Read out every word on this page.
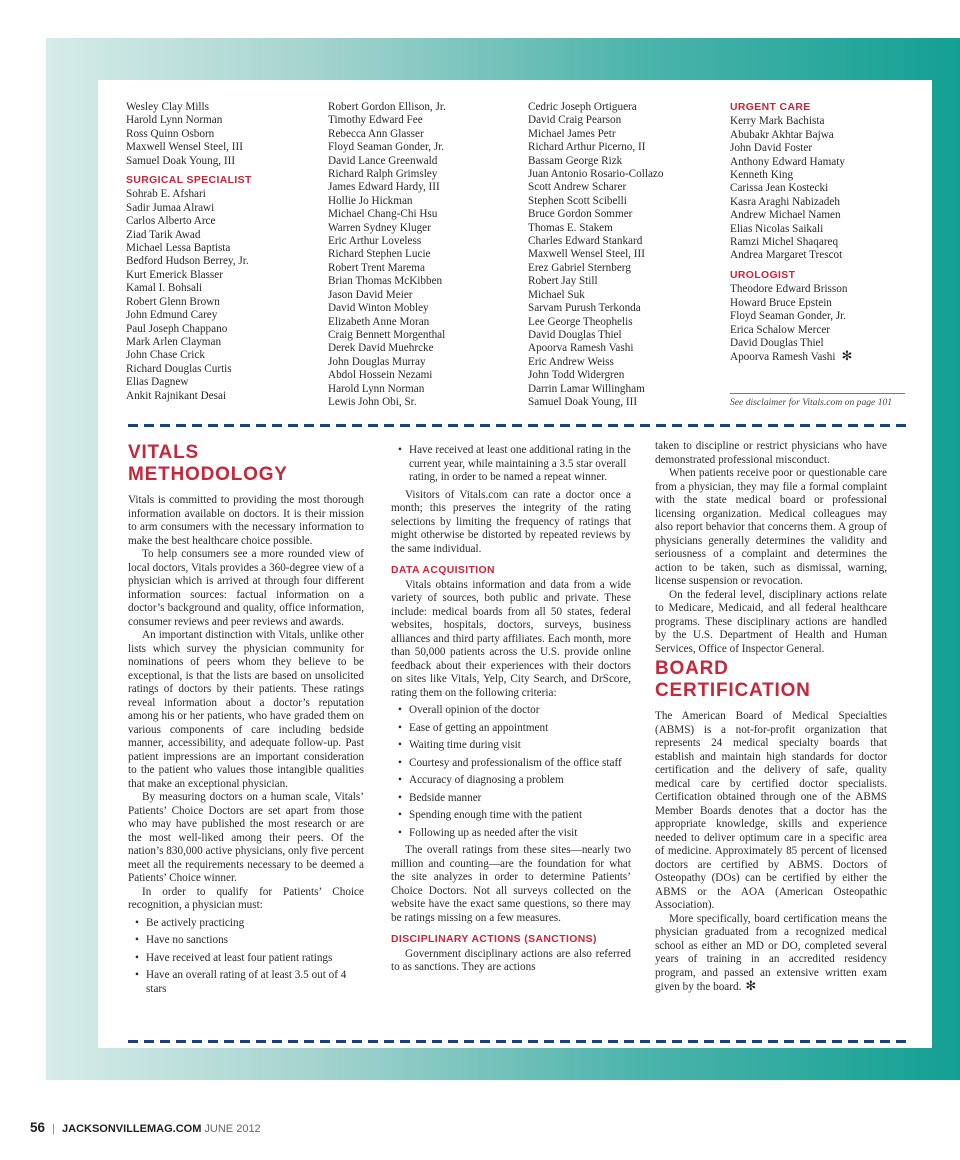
Wesley Clay Mills
Harold Lynn Norman
Ross Quinn Osborn
Maxwell Wensel Steel, III
Samuel Doak Young, III
SURGICAL SPECIALIST
Sohrab E. Afshari
Sadir Jumaa Alrawi
Carlos Alberto Arce
Ziad Tarik Awad
Michael Lessa Baptista
Bedford Hudson Berrey, Jr.
Kurt Emerick Blasser
Kamal I. Bohsali
Robert Glenn Brown
John Edmund Carey
Paul Joseph Chappano
Mark Arlen Clayman
John Chase Crick
Richard Douglas Curtis
Elias Dagnew
Ankit Rajnikant Desai
Robert Gordon Ellison, Jr.
Timothy Edward Fee
Rebecca Ann Glasser
Floyd Seaman Gonder, Jr.
David Lance Greenwald
Richard Ralph Grimsley
James Edward Hardy, III
Hollie Jo Hickman
Michael Chang-Chi Hsu
Warren Sydney Kluger
Eric Arthur Loveless
Richard Stephen Lucie
Robert Trent Marema
Brian Thomas McKibben
Jason David Meier
David Winton Mobley
Elizabeth Anne Moran
Craig Bennett Morgenthal
Derek David Muehrcke
John Douglas Murray
Abdol Hossein Nezami
Harold Lynn Norman
Lewis John Obi, Sr.
Cedric Joseph Ortiguera
David Craig Pearson
Michael James Petr
Richard Arthur Picerno, II
Bassam George Rizk
Juan Antonio Rosario-Collazo
Scott Andrew Scharer
Stephen Scott Scibelli
Bruce Gordon Sommer
Thomas E. Stakem
Charles Edward Stankard
Maxwell Wensel Steel, III
Erez Gabriel Sternberg
Robert Jay Still
Michael Suk
Sarvam Purush Terkonda
Lee George Theophelis
David Douglas Thiel
Apoorva Ramesh Vashi
Eric Andrew Weiss
John Todd Widergren
Darrin Lamar Willingham
Samuel Doak Young, III
URGENT CARE
Kerry Mark Bachista
Abubakr Akhtar Bajwa
John David Foster
Anthony Edward Hamaty
Kenneth King
Carissa Jean Kostecki
Kasra Araghi Nabizadeh
Andrew Michael Namen
Elias Nicolas Saikali
Ramzi Michel Shaqareq
Andrea Margaret Trescot
UROLOGIST
Theodore Edward Brisson
Howard Bruce Epstein
Floyd Seaman Gonder, Jr.
Erica Schalow Mercer
David Douglas Thiel
Apoorva Ramesh Vashi ✻
See disclaimer for Vitals.com on page 101
VITALS METHODOLOGY

Vitals is committed to providing the most thorough information available on doctors. It is their mission to arm consumers with the necessary information to make the best healthcare choice possible.

To help consumers see a more rounded view of local doctors, Vitals provides a 360-degree view of a physician which is arrived at through four different information sources: factual information on a doctor’s background and quality, office information, consumer reviews and peer reviews and awards.

An important distinction with Vitals, unlike other lists which survey the physician community for nominations of peers whom they believe to be exceptional, is that the lists are based on unsolicited ratings of doctors by their patients. These ratings reveal information about a doctor’s reputation among his or her patients, who have graded them on various components of care including bedside manner, accessibility, and adequate follow-up. Past patient impressions are an important consideration to the patient who values those intangible qualities that make an exceptional physician.

By measuring doctors on a human scale, Vitals’ Patients’ Choice Doctors are set apart from those who may have published the most research or are the most well-liked among their peers. Of the nation’s 830,000 active physicians, only five percent meet all the requirements necessary to be deemed a Patients’ Choice winner.

In order to qualify for Patients’ Choice recognition, a physician must:

• Be actively practicing
• Have no sanctions
• Have received at least four patient ratings
• Have an overall rating of at least 3.5 out of 4 stars
• Have received at least one additional rating in the current year, while maintaining a 3.5 star overall rating, in order to be named a repeat winner.

Visitors of Vitals.com can rate a doctor once a month; this preserves the integrity of the rating selections by limiting the frequency of ratings that might otherwise be distorted by repeated reviews by the same individual.

DATA ACQUISITION

Vitals obtains information and data from a wide variety of sources, both public and private. These include: medical boards from all 50 states, federal websites, hospitals, doctors, surveys, business alliances and third party affiliates. Each month, more than 50,000 patients across the U.S. provide online feedback about their experiences with their doctors on sites like Vitals, Yelp, City Search, and DrScore, rating them on the following criteria:

• Overall opinion of the doctor
• Ease of getting an appointment
• Waiting time during visit
• Courtesy and professionalism of the office staff
• Accuracy of diagnosing a problem
• Bedside manner
• Spending enough time with the patient
• Following up as needed after the visit

The overall ratings from these sites—nearly two million and counting—are the foundation for what the site analyzes in order to determine Patients’ Choice Doctors. Not all surveys collected on the website have the exact same questions, so there may be ratings missing on a few measures.

DISCIPLINARY ACTIONS (SANCTIONS)

Government disciplinary actions are also referred to as sanctions. They are actions

taken to discipline or restrict physicians who have demonstrated professional misconduct.

When patients receive poor or questionable care from a physician, they may file a formal complaint with the state medical board or professional licensing organization. Medical colleagues may also report behavior that concerns them. A group of physicians generally determines the validity and seriousness of a complaint and determines the action to be taken, such as dismissal, warning, license suspension or revocation.

On the federal level, disciplinary actions relate to Medicare, Medicaid, and all federal healthcare programs. These disciplinary actions are handled by the U.S. Department of Health and Human Services, Office of Inspector General.

BOARD CERTIFICATION

The American Board of Medical Specialties (ABMS) is a not-for-profit organization that represents 24 medical specialty boards that establish and maintain high standards for doctor certification and the delivery of safe, quality medical care by certified doctor specialists. Certification obtained through one of the ABMS Member Boards denotes that a doctor has the appropriate knowledge, skills and experience needed to deliver optimum care in a specific area of medicine. Approximately 85 percent of licensed doctors are certified by ABMS. Doctors of Osteopathy (DOs) can be certified by either the ABMS or the AOA (American Osteopathic Association).

More specifically, board certification means the physician graduated from a recognized medical school as either an MD or DO, completed several years of training in an accredited residency program, and passed an extensive written exam given by the board. ✻

56 | JACKSONVILLEMAG.COM JUNE 2012
